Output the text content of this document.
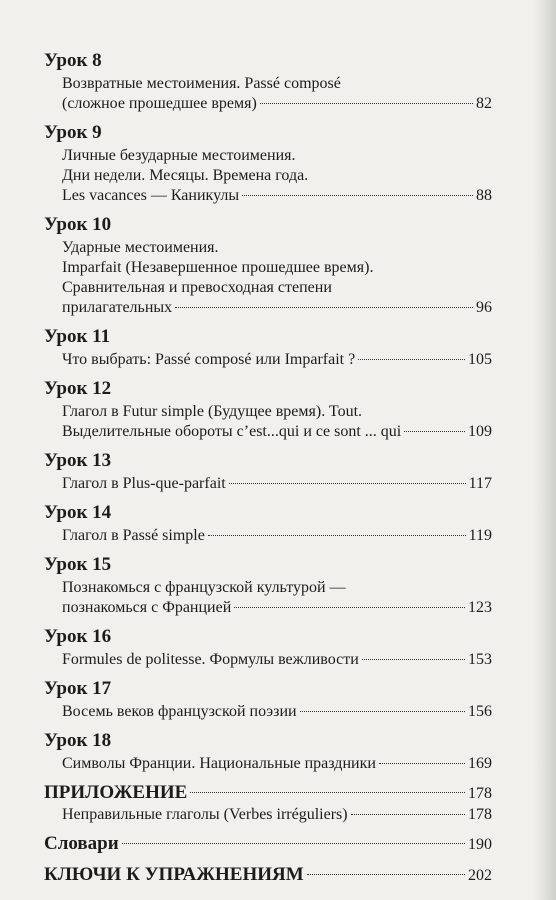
Урок 8
Возвратные местоимения. Passé composé
(сложное прошедшее время)	82
Урок 9
Личные безударные местоимения.
Дни недели. Месяцы. Времена года.
Les vacances — Каникулы	88
Урок 10
Ударные местоимения.
Imparfait (Незавершенное прошедшее время).
Сравнительная и превосходная степени
прилагательных	96
Урок 11
Что выбрать: Passé composé или Imparfait ?	105
Урок 12
Глагол в Futur simple (Будущее время). Tout.
Выделительные обороты c’est...qui и ce sont ... qui	109
Урок 13
Глагол в Plus-que-parfait	117
Урок 14
Глагол в Passé simple	119
Урок 15
Познакомься с французской культурой —
познакомься с Францией	123
Урок 16
Formules de politesse. Формулы вежливости	153
Урок 17
Восемь веков французской поэзии	156
Урок 18
Символы Франции. Национальные праздники	169
ПРИЛОЖЕНИЕ	178
Неправильные глаголы (Verbes irréguliers)	178
Словари	190
КЛЮЧИ К УПРАЖНЕНИЯМ	202
